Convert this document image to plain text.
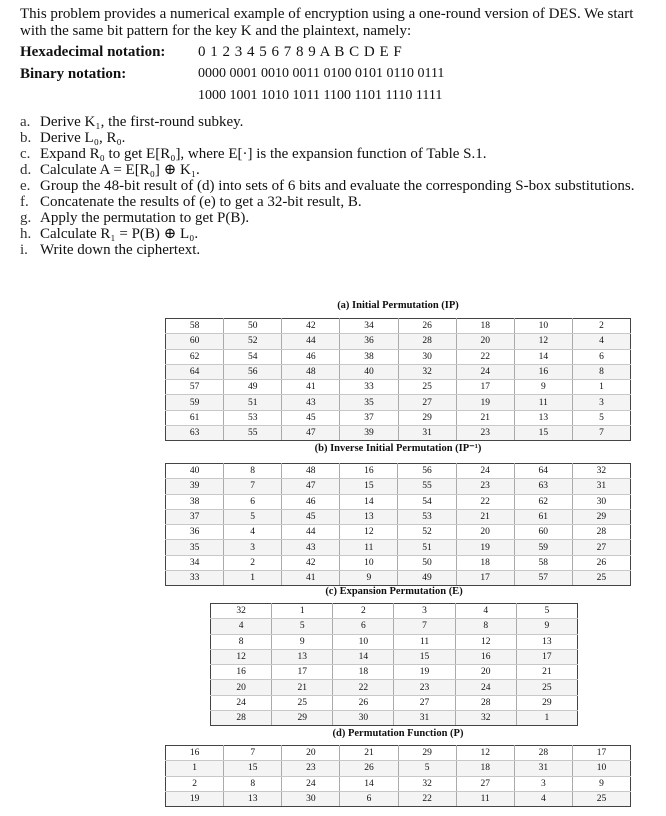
This problem provides a numerical example of encryption using a one-round version of DES. We start with the same bit pattern for the key K and the plaintext, namely:
Hexadecimal notation: 0 1 2 3 4 5 6 7 8 9 A B C D E F
Binary notation:	0000 0001 0010 0011 0100 0101 0110 0111
1000 1001 1010 1011 1100 1101 1110 1111
a. Derive K₁, the first-round subkey.
b. Derive L₀, R₀.
c. Expand R₀ to get E[R₀], where E[·] is the expansion function of Table S.1.
d. Calculate A = E[R₀] ⊕ K₁.
e. Group the 48-bit result of (d) into sets of 6 bits and evaluate the corresponding S-box substitutions.
f. Concatenate the results of (e) to get a 32-bit result, B.
g. Apply the permutation to get P(B).
h. Calculate R₁ = P(B) ⊕ L₀.
i. Write down the ciphertext.
(a) Initial Permutation (IP)
58	50	42	34	26	18	10	2
60	52	44	36	28	20	12	4
62	54	46	38	30	22	14	6
64	56	48	40	32	24	16	8
57	49	41	33	25	17	9	1
59	51	43	35	27	19	11	3
61	53	45	37	29	21	13	5
63	55	47	39	31	23	15	7
(b) Inverse Initial Permutation (IP⁻¹)
40	8	48	16	56	24	64	32
39	7	47	15	55	23	63	31
38	6	46	14	54	22	62	30
37	5	45	13	53	21	61	29
36	4	44	12	52	20	60	28
35	3	43	11	51	19	59	27
34	2	42	10	50	18	58	26
33	1	41	9	49	17	57	25
(c) Expansion Permutation (E)
32	1	2	3	4	5
4	5	6	7	8	9
8	9	10	11	12	13
12	13	14	15	16	17
16	17	18	19	20	21
20	21	22	23	24	25
24	25	26	27	28	29
28	29	30	31	32	1
(d) Permutation Function (P)
16	7	20	21	29	12	28	17
1	15	23	26	5	18	31	10
2	8	24	14	32	27	3	9
19	13	30	6	22	11	4	25
